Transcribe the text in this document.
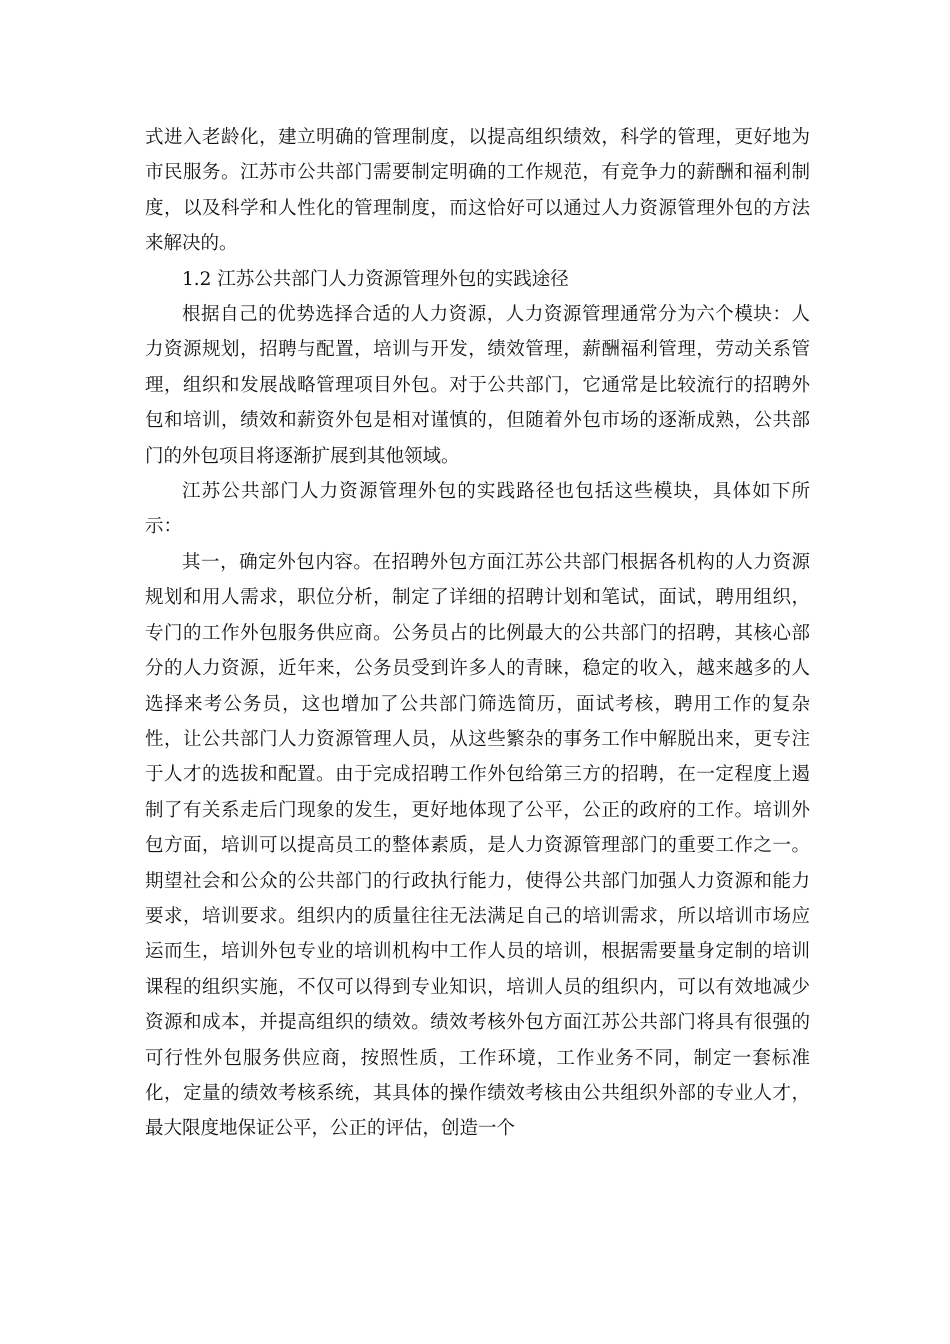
式进入老龄化，建立明确的管理制度，以提高组织绩效，科学的管理，更好地为市民服务。江苏市公共部门需要制定明确的工作规范，有竞争力的薪酬和福利制度，以及科学和人性化的管理制度，而这恰好可以通过人力资源管理外包的方法来解决的。

1.2 江苏公共部门人力资源管理外包的实践途径

根据自己的优势选择合适的人力资源，人力资源管理通常分为六个模块：人力资源规划，招聘与配置，培训与开发，绩效管理，薪酬福利管理，劳动关系管理，组织和发展战略管理项目外包。对于公共部门，它通常是比较流行的招聘外包和培训，绩效和薪资外包是相对谨慎的，但随着外包市场的逐渐成熟，公共部门的外包项目将逐渐扩展到其他领域。

江苏公共部门人力资源管理外包的实践路径也包括这些模块，具体如下所示：

其一，确定外包内容。在招聘外包方面江苏公共部门根据各机构的人力资源规划和用人需求，职位分析，制定了详细的招聘计划和笔试，面试，聘用组织，专门的工作外包服务供应商。公务员占的比例最大的公共部门的招聘，其核心部分的人力资源，近年来，公务员受到许多人的青睐，稳定的收入，越来越多的人选择来考公务员，这也增加了公共部门筛选简历，面试考核，聘用工作的复杂性，让公共部门人力资源管理人员，从这些繁杂的事务工作中解脱出来，更专注于人才的选拔和配置。由于完成招聘工作外包给第三方的招聘，在一定程度上遏制了有关系走后门现象的发生，更好地体现了公平，公正的政府的工作。培训外包方面，培训可以提高员工的整体素质，是人力资源管理部门的重要工作之一。期望社会和公众的公共部门的行政执行能力，使得公共部门加强人力资源和能力要求，培训要求。组织内的质量往往无法满足自己的培训需求，所以培训市场应运而生，培训外包专业的培训机构中工作人员的培训，根据需要量身定制的培训课程的组织实施，不仅可以得到专业知识，培训人员的组织内，可以有效地减少资源和成本，并提高组织的绩效。绩效考核外包方面江苏公共部门将具有很强的可行性外包服务供应商，按照性质，工作环境，工作业务不同，制定一套标准化，定量的绩效考核系统，其具体的操作绩效考核由公共组织外部的专业人才，最大限度地保证公平，公正的评估，创造一个
